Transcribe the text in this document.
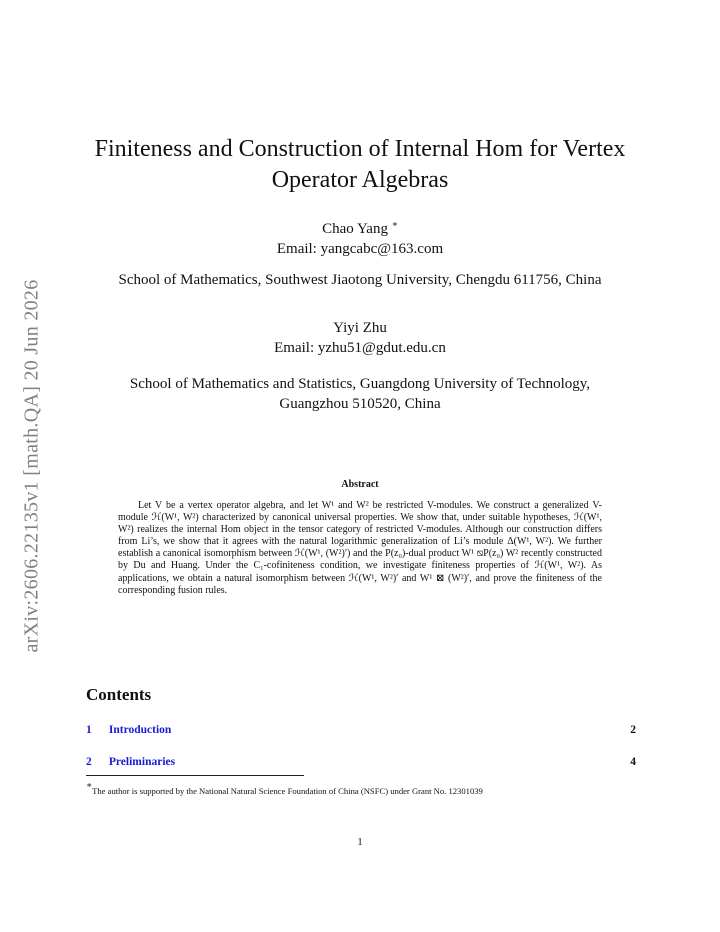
arXiv:2606.22135v1 [math.QA] 20 Jun 2026
Finiteness and Construction of Internal Hom for Vertex
Operator Algebras
Chao Yang ∗
Email: yangcabc@163.com
School of Mathematics, Southwest Jiaotong University, Chengdu 611756, China
Yiyi Zhu
Email: yzhu51@gdut.edu.cn
School of Mathematics and Statistics, Guangdong University of Technology,
Guangzhou 510520, China
Abstract
Let V be a vertex operator algebra, and let W¹ and W² be restricted V-modules. We construct a generalized V-module ℋ(W¹, W²) characterized by canonical universal properties. We show that, under suitable hypotheses, ℋ(W¹, W²) realizes the internal Hom object in the tensor category of restricted V-modules. Although our construction differs from Li’s, we show that it agrees with the natural logarithmic generalization of Li’s module Δ(W¹, W²). We further establish a canonical isomorphism between ℋ(W¹, (W²)′) and the P(z₀)-dual product W¹ ⧅P(z₀) W² recently constructed by Du and Huang. Under the C₁-cofiniteness condition, we investigate finiteness properties of ℋ(W¹, W²). As applications, we obtain a natural isomorphism between ℋ(W¹, W²)′ and W¹ ⊠ (W²)′, and prove the finiteness of the corresponding fusion rules.
Contents
1 Introduction	2
2 Preliminaries	4
∗The author is supported by the National Natural Science Foundation of China (NSFC) under Grant No. 12301039
1
